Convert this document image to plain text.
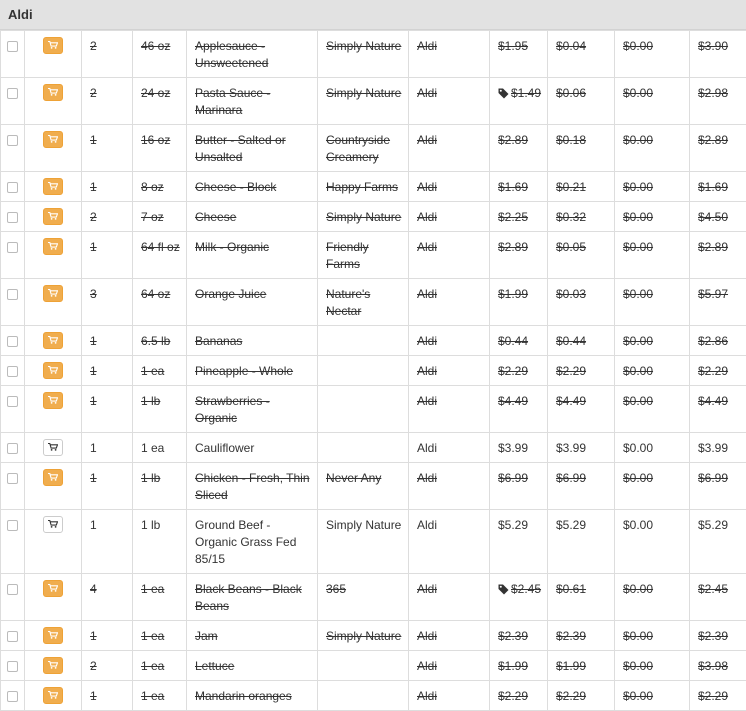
Aldi

	2	46 oz	Applesauce - Unsweetened	Simply Nature	Aldi	$1.95	$0.04	$0.00	$3.90

	2	24 oz	Pasta Sauce - Marinara	Simply Nature	Aldi	$1.49	$0.06	$0.00	$2.98

	1	16 oz	Butter - Salted or Unsalted	Countryside Creamery	Aldi	$2.89	$0.18	$0.00	$2.89

	1	8 oz	Cheese - Block	Happy Farms	Aldi	$1.69	$0.21	$0.00	$1.69

	2	7 oz	Cheese	Simply Nature	Aldi	$2.25	$0.32	$0.00	$4.50

	1	64 fl oz	Milk - Organic	Friendly Farms	Aldi	$2.89	$0.05	$0.00	$2.89

	3	64 oz	Orange Juice	Nature's Nectar	Aldi	$1.99	$0.03	$0.00	$5.97

	1	6.5 lb	Bananas		Aldi	$0.44	$0.44	$0.00	$2.86

	1	1 ea	Pineapple - Whole		Aldi	$2.29	$2.29	$0.00	$2.29

	1	1 lb	Strawberries - Organic		Aldi	$4.49	$4.49	$0.00	$4.49

	1	1 ea	Cauliflower		Aldi	$3.99	$3.99	$0.00	$3.99

	1	1 lb	Chicken - Fresh, Thin Sliced	Never Any	Aldi	$6.99	$6.99	$0.00	$6.99

	1	1 lb	Ground Beef - Organic Grass Fed 85/15	Simply Nature	Aldi	$5.29	$5.29	$0.00	$5.29

	4	1 ea	Black Beans - Black Beans	365	Aldi	$2.45	$0.61	$0.00	$2.45

	1	1 ea	Jam	Simply Nature	Aldi	$2.39	$2.39	$0.00	$2.39

	2	1 ea	Lettuce		Aldi	$1.99	$1.99	$0.00	$3.98

	1	1 ea	Mandarin oranges		Aldi	$2.29	$2.29	$0.00	$2.29
